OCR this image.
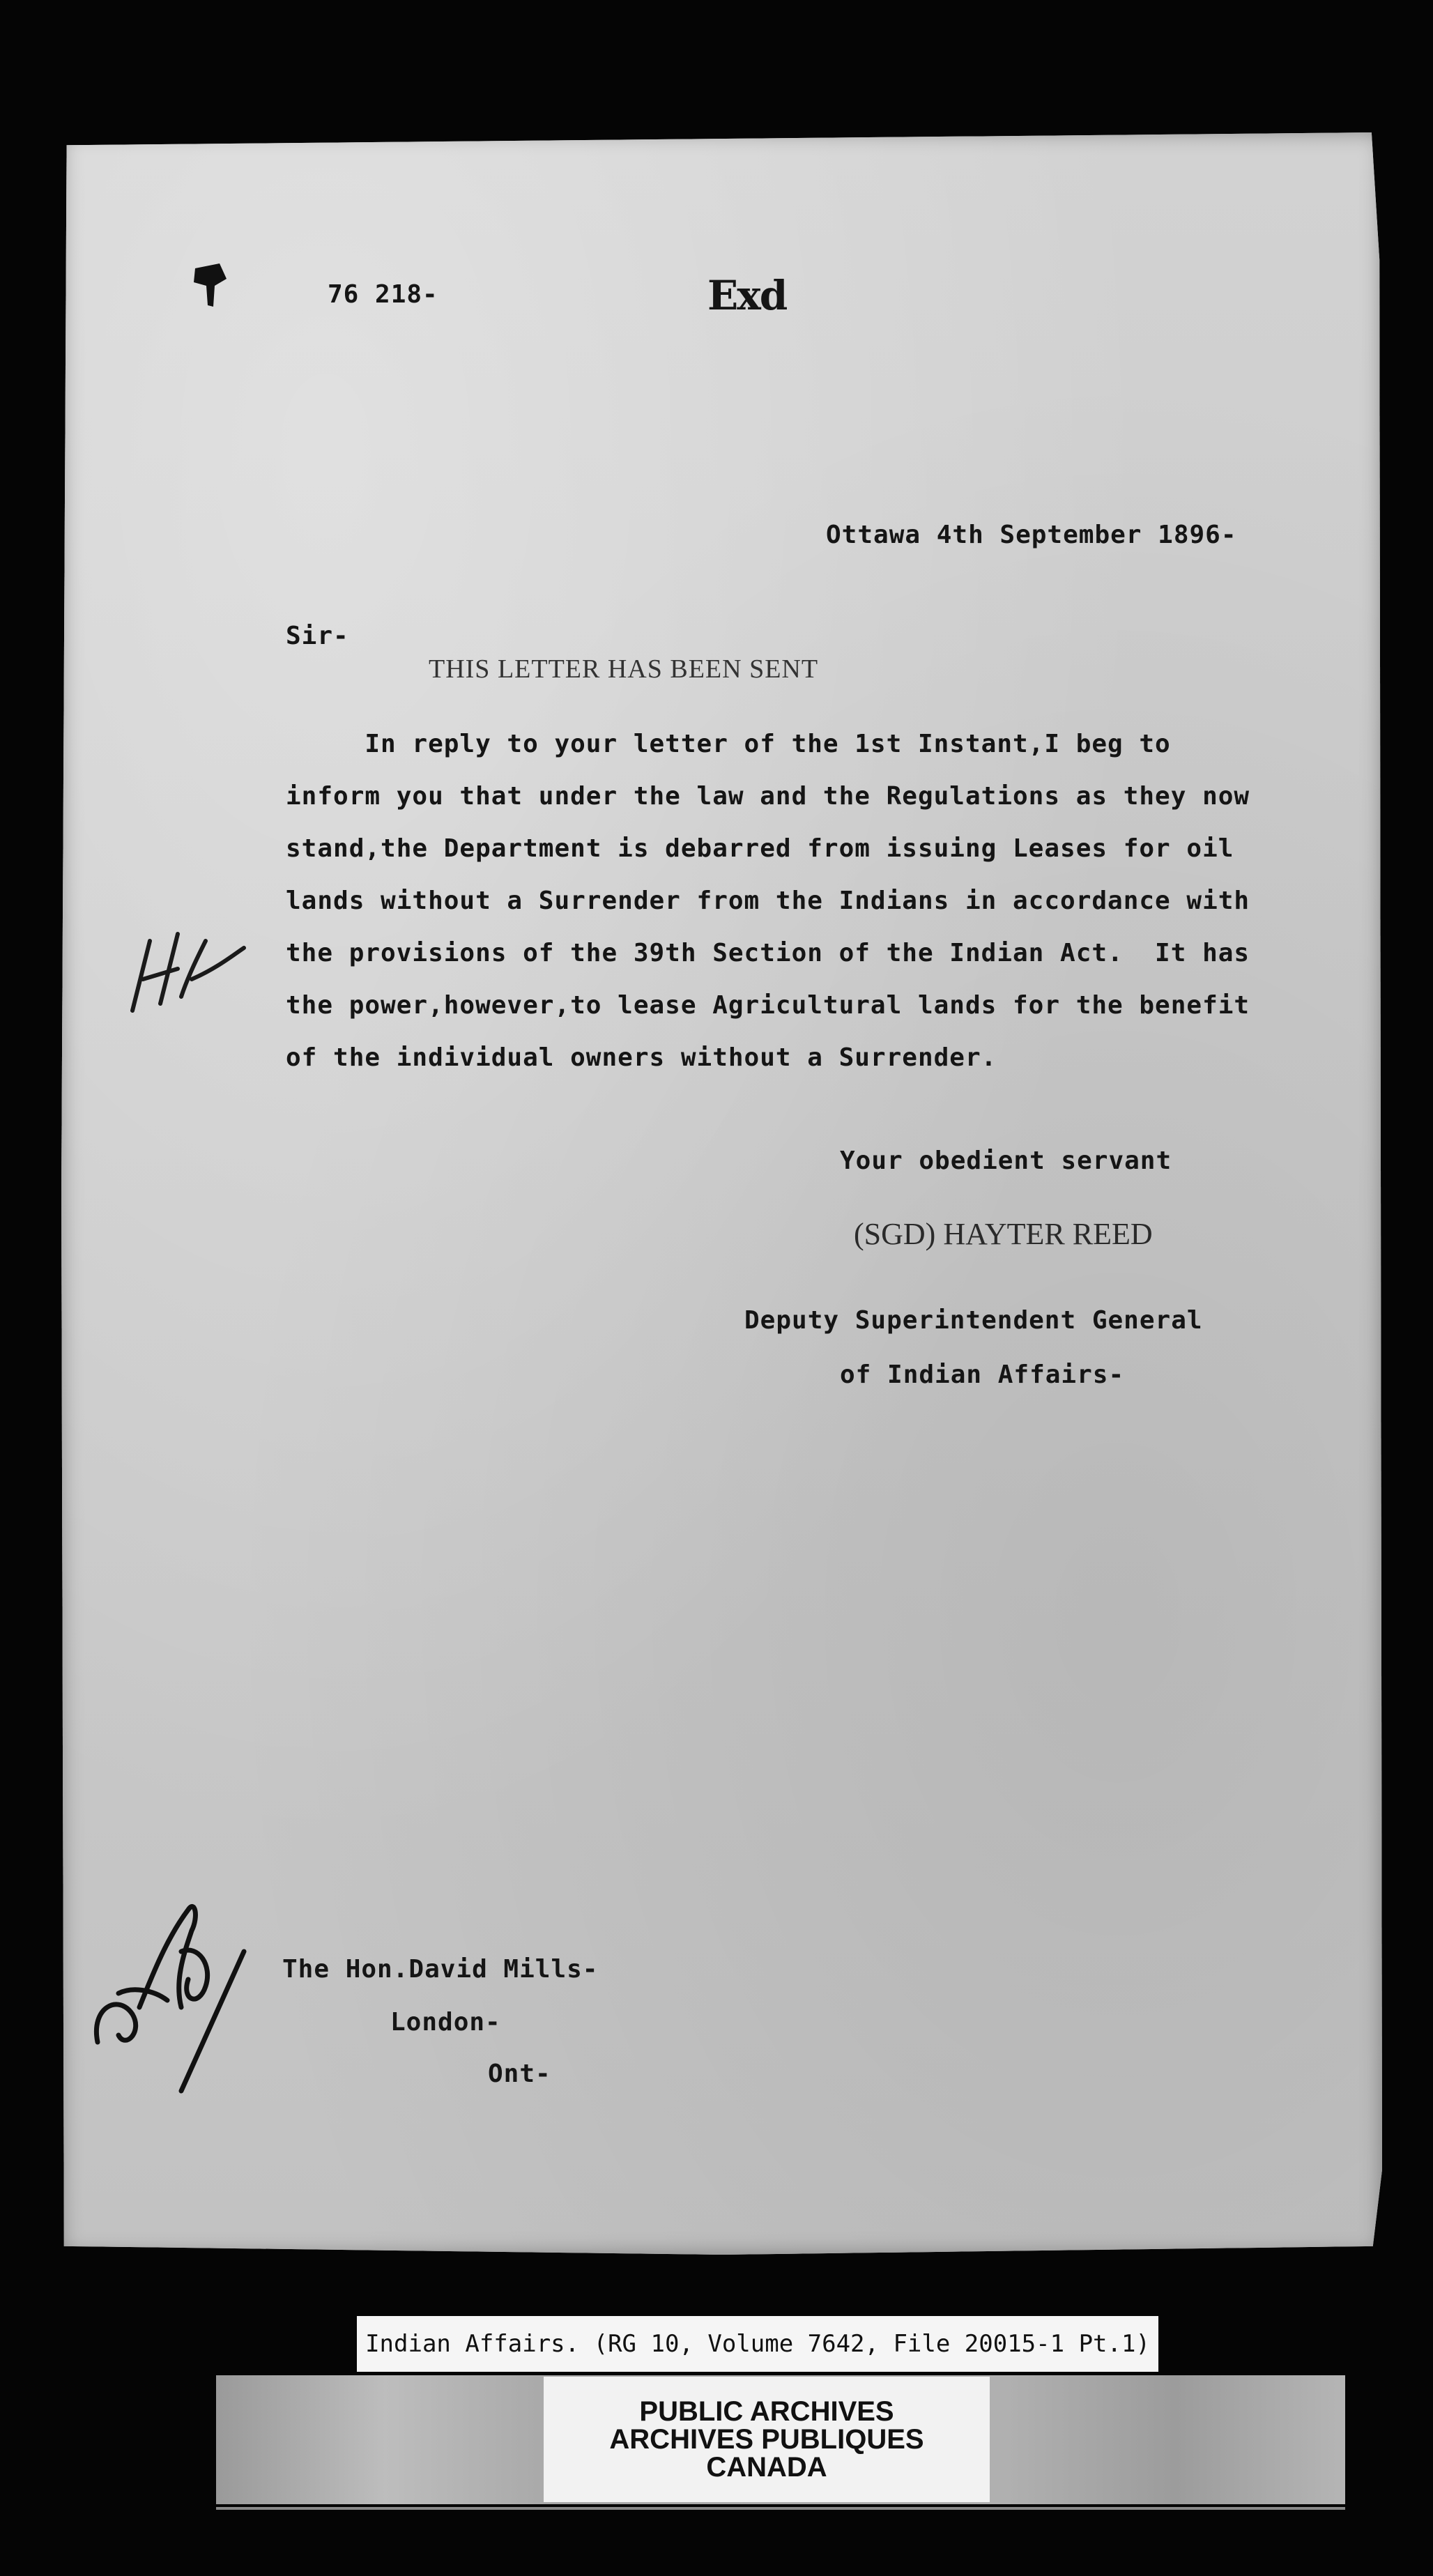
76 218-	Exd
Ottawa 4th September 1896-
Sir-
THIS LETTER HAS BEEN SENT
In reply to your letter of the 1st Instant,I beg to
inform you that under the law and the Regulations as they now
stand,the Department is debarred from issuing Leases for oil
lands without a Surrender from the Indians in accordance with
the provisions of the 39th Section of the Indian Act.  It has
the power,however,to lease Agricultural lands for the benefit
of the individual owners without a Surrender.
Your obedient servant
(SGD) HAYTER REED
Deputy Superintendent General
of Indian Affairs-
The Hon.David Mills-
London-
Ont-
Indian Affairs. (RG 10, Volume 7642, File 20015-1 Pt.1)
PUBLIC ARCHIVES
ARCHIVES PUBLIQUES
CANADA
